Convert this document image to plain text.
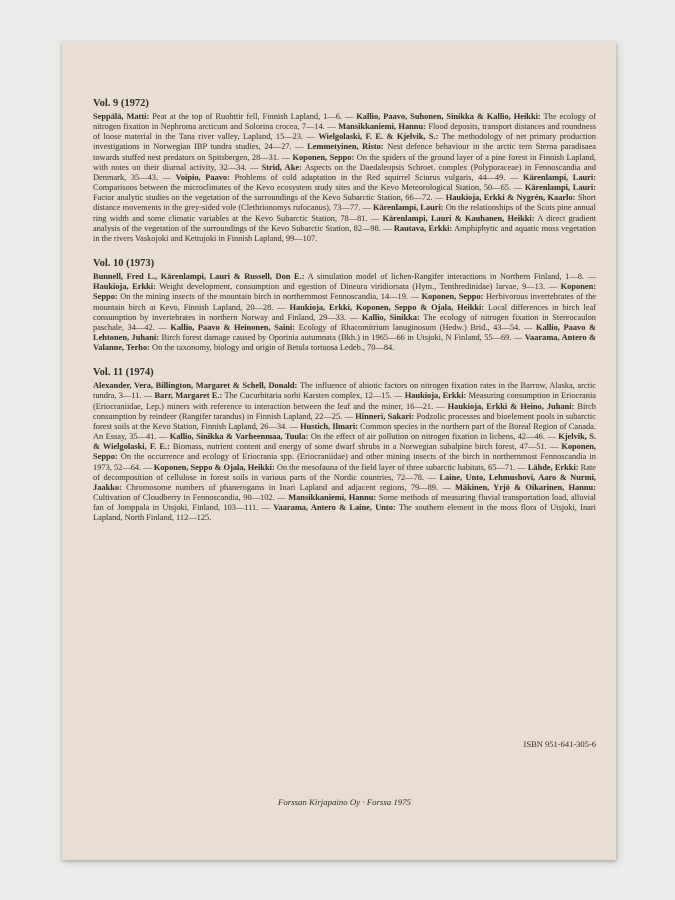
Vol. 9 (1972)

Seppälä, Matti: Peat at the top of Ruohttir fell, Finnish Lapland, 1—6. — Kallio, Paavo, Suhonen, Sinikka & Kallio, Heikki: The ecology of nitrogen fixation in Nephroma arcticum and Solorina crocea, 7—14. — Mansikkaniemi, Hannu: Flood deposits, transport distances and roundness of loose material in the Tana river valley, Lapland, 15—23. — Wielgolaski, F. E. & Kjelvik, S.: The methodology of net primary production investigations in Norwegian IBP tundra studies, 24—27. — Lemmetyinen, Risto: Nest defence behaviour in the arctic tern Sterna paradisaea towards stuffed nest predators on Spitsbergen, 28—31. — Koponen, Seppo: On the spiders of the ground layer of a pine forest in Finnish Lapland, with notes on their diurnal activity, 32—34. — Strid, Ake: Aspects on the Daedaleopsis Schroet. complex (Polyporaceae) in Fennoscandia and Denmark, 35—43. — Voipio, Paavo: Problems of cold adaptation in the Red squirrel Sciurus vulgaris, 44—49. — Kärenlampi, Lauri: Comparisons between the microclimates of the Kevo ecosystem study sites and the Kevo Meteorological Station, 50—65. — Kärenlampi, Lauri: Factor analytic studies on the vegetation of the surroundings of the Kevo Subarctic Station, 66—72. — Haukioja, Erkki & Nygrén, Kaarlo: Short distance movements in the grey-sided vole (Clethrionomys rufocanus), 73—77. — Kärenlampi, Lauri: On the relationships of the Scots pine annual ring width and some climatic variables at the Kevo Subarctic Station, 78—81. — Kärenlampi, Lauri & Kauhanen, Heikki: A direct gradient analysis of the vegetation of the surroundings of the Kevo Subarctic Station, 82—98. — Rautava, Erkki: Amphiphytic and aquatic moss vegetation in the rivers Vaskojoki and Kettujoki in Finnish Lapland, 99—107.

Vol. 10 (1973)

Bunnell, Fred L., Kärenlampi, Lauri & Russell, Don E.: A simulation model of lichen-Rangifer interactions in Northern Finland, 1—8. — Haukioja, Erkki: Weight development, consumption and egestion of Dineura viridiorsata (Hym., Tenthredinidae) larvae, 9—13. — Koponen: Seppo: On the mining insects of the mountain birch in northernmost Fennoscandia, 14—19. — Koponen, Seppo: Herbivorous invertebrates of the mountain birch at Kevo, Finnish Lapland, 20—28. — Haukioja, Erkki, Koponen, Seppo & Ojala, Heikki: Local differences in birch leaf consumption by invertebrates in northern Norway and Finland, 29—33. — Kallio, Sinikka: The ecology of nitrogen fixation in Stereocaulon paschale, 34—42. — Kallio, Paavo & Heinonen, Saini: Ecology of Rhacomitrium lanuginosum (Hedw.) Brid., 43—54. — Kallio, Paavo & Lehtonen, Juhani: Birch forest damage caused by Oporinia autumnata (Bkh.) in 1965—66 in Utsjoki, N Finland, 55—69. — Vaarama, Antero & Valanne, Terho: On the taxonomy, biology and origin of Betula tortuosa Ledeb., 70—84.

Vol. 11 (1974)

Alexander, Vera, Billington, Margaret & Schell, Donald: The influence of abiotic factors on nitrogen fixation rates in the Barrow, Alaska, arctic tundra, 3—11. — Barr, Margaret E.: The Cucurbitaria sorbi Karsten complex, 12—15. — Haukioja, Erkki: Measuring consumption in Eriocrania (Eriocraniidae, Lep.) miners with reference to interaction between the leaf and the miner, 16—21. — Haukioja, Erkki & Heino, Juhani: Birch consumption by reindeer (Rangifer tarandus) in Finnish Lapland, 22—25. — Hinneri, Sakari: Podzolic processes and bioelement pools in subarctic forest soils at the Kevo Station, Finnish Lapland, 26—34. — Hustich, Ilmari: Common species in the northern part of the Boreal Region of Canada. An Essay, 35—41. — Kallio, Sinikka & Varheenmaa, Tuula: On the effect of air pollution on nitrogen fixation in lichens, 42—46. — Kjelvik, S. & Wielgolaski, F. E.: Biomass, nutrient content and energy of some dwarf shrubs in a Norwegian subalpine birch forest, 47—51. — Koponen, Seppo: On the occurrence and ecology of Eriocrania spp. (Eriocraniidae) and other mining insects of the birch in northernmost Fennoscandia in 1973, 52—64. — Koponen, Seppo & Ojala, Heikki: On the mesofauna of the field layer of three subarctic habitats, 65—71. — Lähde, Erkki: Rate of decomposition of cellulose in forest soils in various parts of the Nordic countries, 72—78. — Laine, Unto, Lehmushovi, Aaro & Nurmi, Jaakko: Chromosome numbers of phanerogams in Inari Lapland and adjacent regions, 79—89. — Mäkinen, Yrjö & Oikarinen, Hannu: Cultivation of Cloudberry in Fennoscandia, 90—102. — Mansikkaniemi, Hannu: Some methods of measuring fluvial transportation load, alluvial fan of Jomppala in Utsjoki, Finland, 103—111. — Vaarama, Antero & Laine, Unto: The southern element in the moss flora of Utsjoki, Inari Lapland, North Finland, 112—125.

ISBN 951-641-305-6
Forssan Kirjapaino Oy · Forssa 1975
